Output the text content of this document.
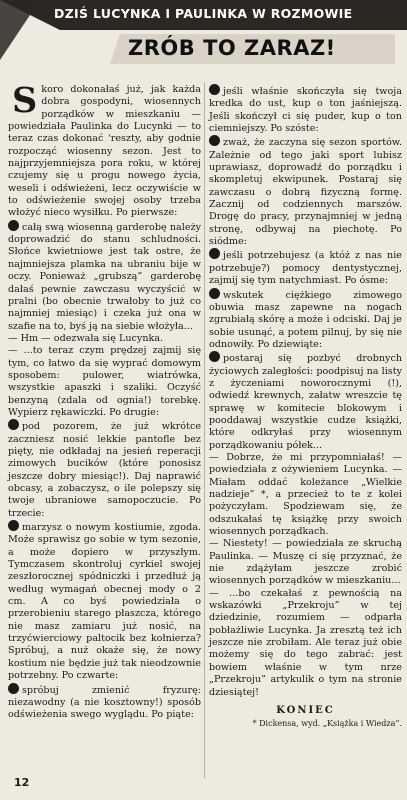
DZIŚ LUCYNKA I PAULINKA W ROZMOWIE
ZRÓB TO ZARAZ!

Skoro dokonałaś już, jak każda dobra gospodyni, wiosennych porządków w mieszkaniu — powiedziała Paulinka do Lucynki — to teraz czas dokonać ‘reszty, aby godnie rozpocząć wiosenny sezon. Jest to najprzyjemniejsza pora roku, w której czujemy się u progu nowego życia, weseli i odświeżeni, lecz oczywiście w to odświeżenie swojej osoby trzeba włożyć nieco wysiłku. Po pierwsze:

całą swą wiosenną garderobę należy doprowadzić do stanu schludności. Słońce kwietniowe jest tak ostre, że najmniejsza plamka na ubraniu bije w oczy. Ponieważ „grubszą” garderobę dałaś pewnie zawczasu wyczyścić w pralni (bo obecnie trwałoby to już co najmniej miesiąc) i czeka już ona w szafie na to, byś ją na siebie włożyła...

— Hm — odezwała się Lucynka.

— ...to teraz czym prędzej zajmij się tym, co łatwo da się wyprać domowym sposobem: pulower, wiatrówka, wszystkie apaszki i szaliki. Oczyść benzyną (zdala od ognia!) torebkę. Wypierz rękawiczki. Po drugie:

pod pozorem, że już wkrótce zaczniesz nosić lekkie pantofle bez pięty, nie odkładaj na jesień reperacji zimowych bucików (które ponosisz jeszcze dobry miesiąc!). Daj naprawić obcasy, a zobaczysz, o ile polepszy się twoje ubraniowe samopoczucie. Po trzecie:

marzysz o nowym kostiumie, zgoda. Może sprawisz go sobie w tym sezonie, a może dopiero w przyszłym. Tymczasem skontroluj cyrkiel swojej zeszłorocznej spódniczki i przedłuż ją według wymagań obecnej mody o 2 cm. A co byś powiedziała o przerobieniu starego płaszcza, którego nie masz zamiaru już nosić, na trzyćwierciowy paltocik bez kołnierza? Spróbuj, a nuż okaże się, że nowy kostium nie będzie już tak nieodzownie potrzebny. Po czwarte:

spróbuj zmienić fryzurę: niezawodny (a nie kosztowny!) sposób odświeżenia swego wyglądu. Po piąte:

jeśli właśnie skończyła się twoja kredka do ust, kup o ton jaśniejszą. Jeśli skończył ci się puder, kup o ton ciemniejszy. Po szóste:

zważ, że zaczyna się sezon sportów. Zależnie od tego jaki sport lubisz uprawiasz, doprowadź do porządku i skompletuj ekwipunek. Postaraj się zawczasu o dobrą fizyczną formę. Zacznij od codziennych marszów. Drogę do pracy, przynajmniej w jedną stronę, odbywaj na piechotę. Po siódme:

jeśli potrzebujesz (a któż z nas nie potrzebuje?) pomocy dentystycznej, zajmij się tym natychmiast. Po ósme:

wskutek ciężkiego zimowego obuwia masz zapewne na nogach zgrubiałą skórę a może i odciski. Daj je sobie usunąć, a potem pilnuj, by się nie odnowiły. Po dziewiąte:

postaraj się pozbyć drobnych życiowych zaległości: poodpisuj na listy z życzeniami noworocznymi (!), odwiedź krewnych, załatw wreszcie tę sprawę w komitecie blokowym i pooddawaj wszystkie cudze książki, które odkryłaś przy wiosennym porządkowaniu półek...

— Dobrze, że mi przypomniałaś! — powiedziała z ożywieniem Lucynka. — Miałam oddać koleżance „Wielkie nadzieje” *, a przecież to te z kolei pożyczyłam. Spodziewam się, że odszukałaś tę książkę przy swoich wiosennych porządkach.

— Niestety! — powiedziała ze skruchą Paulinka. — Muszę ci się przyznać, że nie zdążyłam jeszcze zrobić wiosennych porządków w mieszkaniu...

— ...bo czekałaś z pewnością na wskazówki „Przekroju” w tej dziedzinie, rozumiem — odparła pobłażliwie Lucynka. Ja zresztą też ich jeszcze nie zrobiłam. Ale teraz już obie możemy się do tego zabrać: jest bowiem właśnie w tym nrze „Przekroju” artykulik o tym na stronie dziesiątej!

KONIEC
* Dickensa, wyd. „Książka i Wiedza”.
12
